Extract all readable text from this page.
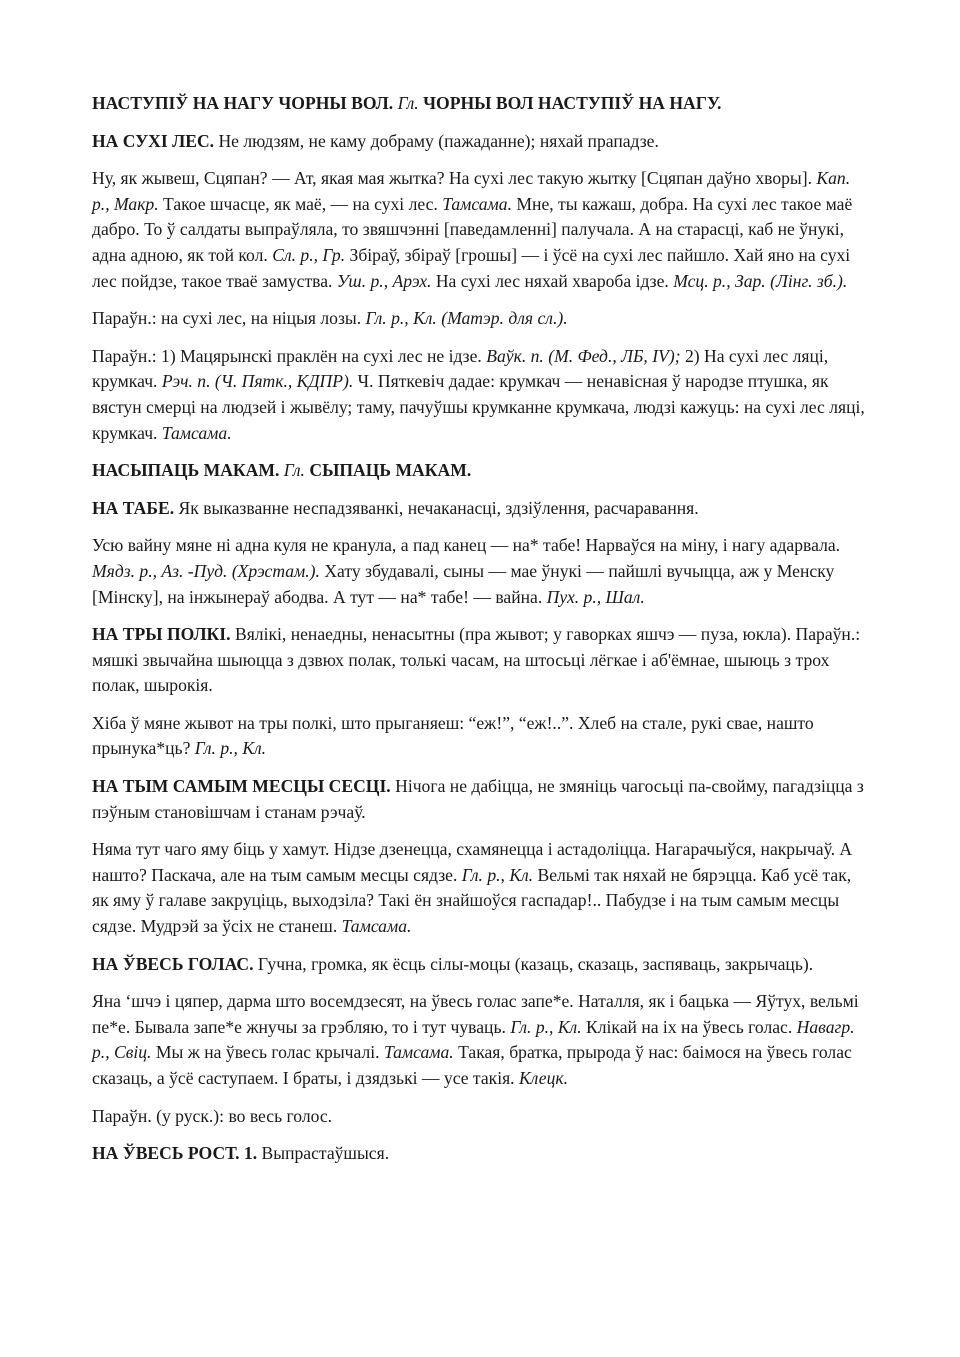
НАСТУПІЎ НА НАГУ ЧОРНЫ ВОЛ. Гл. ЧОРНЫ ВОЛ НАСТУПІЎ НА НАГУ.

НА СУХІ ЛЕС. Не людзям, не каму добраму (пажаданне); няхай прападзе.

Ну, як жывеш, Сцяпан? — Ат, якая мая жытка? На сухі лес такую жытку [Сцяпан даўно хворы]. Кап. р., Макр. Такое шчасце, як маё, — на сухі лес. Тамсама. Мне, ты кажаш, добра. На сухі лес такое маё дабро. То ў салдаты выпраўляла, то звяшчэнні [паведамленні] палучала. А на старасці, каб не ўнукі, адна адною, як той кол. Сл. р., Гр. Збіраў, збіраў [грошы] — і ўсё на сухі лес пайшло. Хай яно на сухі лес пойдзе, такое тваё замуства. Уш. р., Арэх. На сухі лес няхай хвароба ідзе. Мсц. р., Зар. (Лінг. зб.).

Параўн.: на сухі лес, на ніцыя лозы. Гл. р., Кл. (Матэр. для сл.).

Параўн.: 1) Мацярынскі праклён на сухі лес не ідзе. Ваўк. п. (М. Фед., ЛБ, IV); 2) На сухі лес ляці, крумкач. Рэч. п. (Ч. Пятк., КДПР). Ч. Пяткевіч дадае: крумкач — ненавісная ў народзе птушка, як вястун смерці на людзей і жывёлу; таму, пачуўшы крумканне крумкача, людзі кажуць: на сухі лес ляці, крумкач. Тамсама.

НАСЫПАЦЬ МАКАМ. Гл. СЫПАЦЬ МАКАМ.

НА ТАБЕ. Як выказванне неспадзяванкі, нечаканасці, здзіўлення, расчаравання.

Усю вайну мяне ні адна куля не кранула, а пад канец — на* табе! Нарваўся на міну, і нагу адарвала. Мядз. р., Аз. -Пуд. (Хрэстам.). Хату збудавалі, сыны — мае ўнукі — пайшлі вучыцца, аж у Менску [Мінску], на інжынераў абодва. А тут — на* табе! — вайна. Пух. р., Шал.

НА ТРЫ ПОЛКІ. Вялікі, ненаедны, ненасытны (пра жывот; у гаворках яшчэ — пуза, юкла). Параўн.: мяшкі звычайна шыюцца з дзвюх полак, толькі часам, на штосьці лёгкае і аб'ёмнае, шыюць з трох полак, шырокія.

Хіба ў мяне жывот на тры полкі, што прыганяеш: “еж!”, “еж!..”. Хлеб на стале, рукі свае, нашто прынука*ць? Гл. р., Кл.

НА ТЫМ САМЫМ МЕСЦЫ СЕСЦІ. Нічога не дабіцца, не змяніць чагосьці па-свойму, пагадзіцца з пэўным становішчам і станам рэчаў.

Няма тут чаго яму біць у хамут. Нідзе дзенецца, схамянецца і астадоліцца. Нагарачыўся, накрычаў. А нашто? Паскача, але на тым самым месцы сядзе. Гл. р., Кл. Вельмі так няхай не бярэцца. Каб усё так, як яму ў галаве закруціць, выходзіла? Такі ён знайшоўся гаспадар!.. Пабудзе і на тым самым месцы сядзе. Мудрэй за ўсіх не станеш. Тамсама.

НА ЎВЕСЬ ГОЛАС. Гучна, громка, як ёсць сілы-моцы (казаць, сказаць, заспяваць, закрычаць).

Яна ‘шчэ і цяпер, дарма што восемдзесят, на ўвесь голас запе*е. Наталля, як і бацька — Яўтух, вельмі пе*е. Бывала запе*е жнучы за грэбляю, то і тут чуваць. Гл. р., Кл. Клікай на іх на ўвесь голас. Навагр. р., Свіц. Мы ж на ўвесь голас крычалі. Тамсама. Такая, братка, прырода ў нас: баімося на ўвесь голас сказаць, а ўсё саступаем. І браты, і дзядзькі — усе такія. Клецк.

Параўн. (у руск.): во весь голос.

НА ЎВЕСЬ РОСТ. 1. Выпрастаўшыся.
